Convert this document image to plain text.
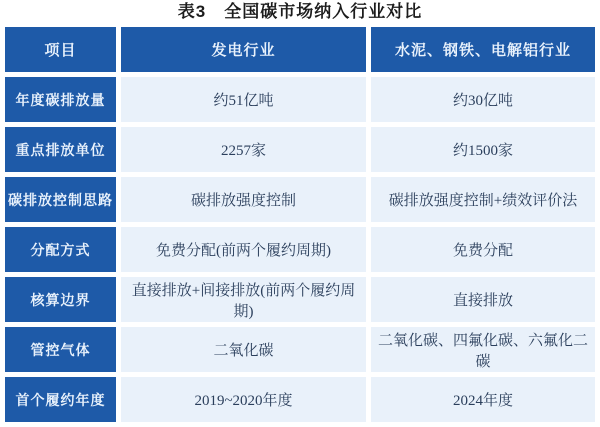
表3　全国碳市场纳入行业对比
项目	发电行业	水泥、钢铁、电解铝行业
年度碳排放量	约51亿吨	约30亿吨
重点排放单位	2257家	约1500家
碳排放控制思路	碳排放强度控制	碳排放强度控制+绩效评价法
分配方式	免费分配(前两个履约周期)	免费分配
核算边界	直接排放+间接排放(前两个履约周期)	直接排放
管控气体	二氧化碳	二氧化碳、四氟化碳、六氟化二碳
首个履约年度	2019~2020年度	2024年度
